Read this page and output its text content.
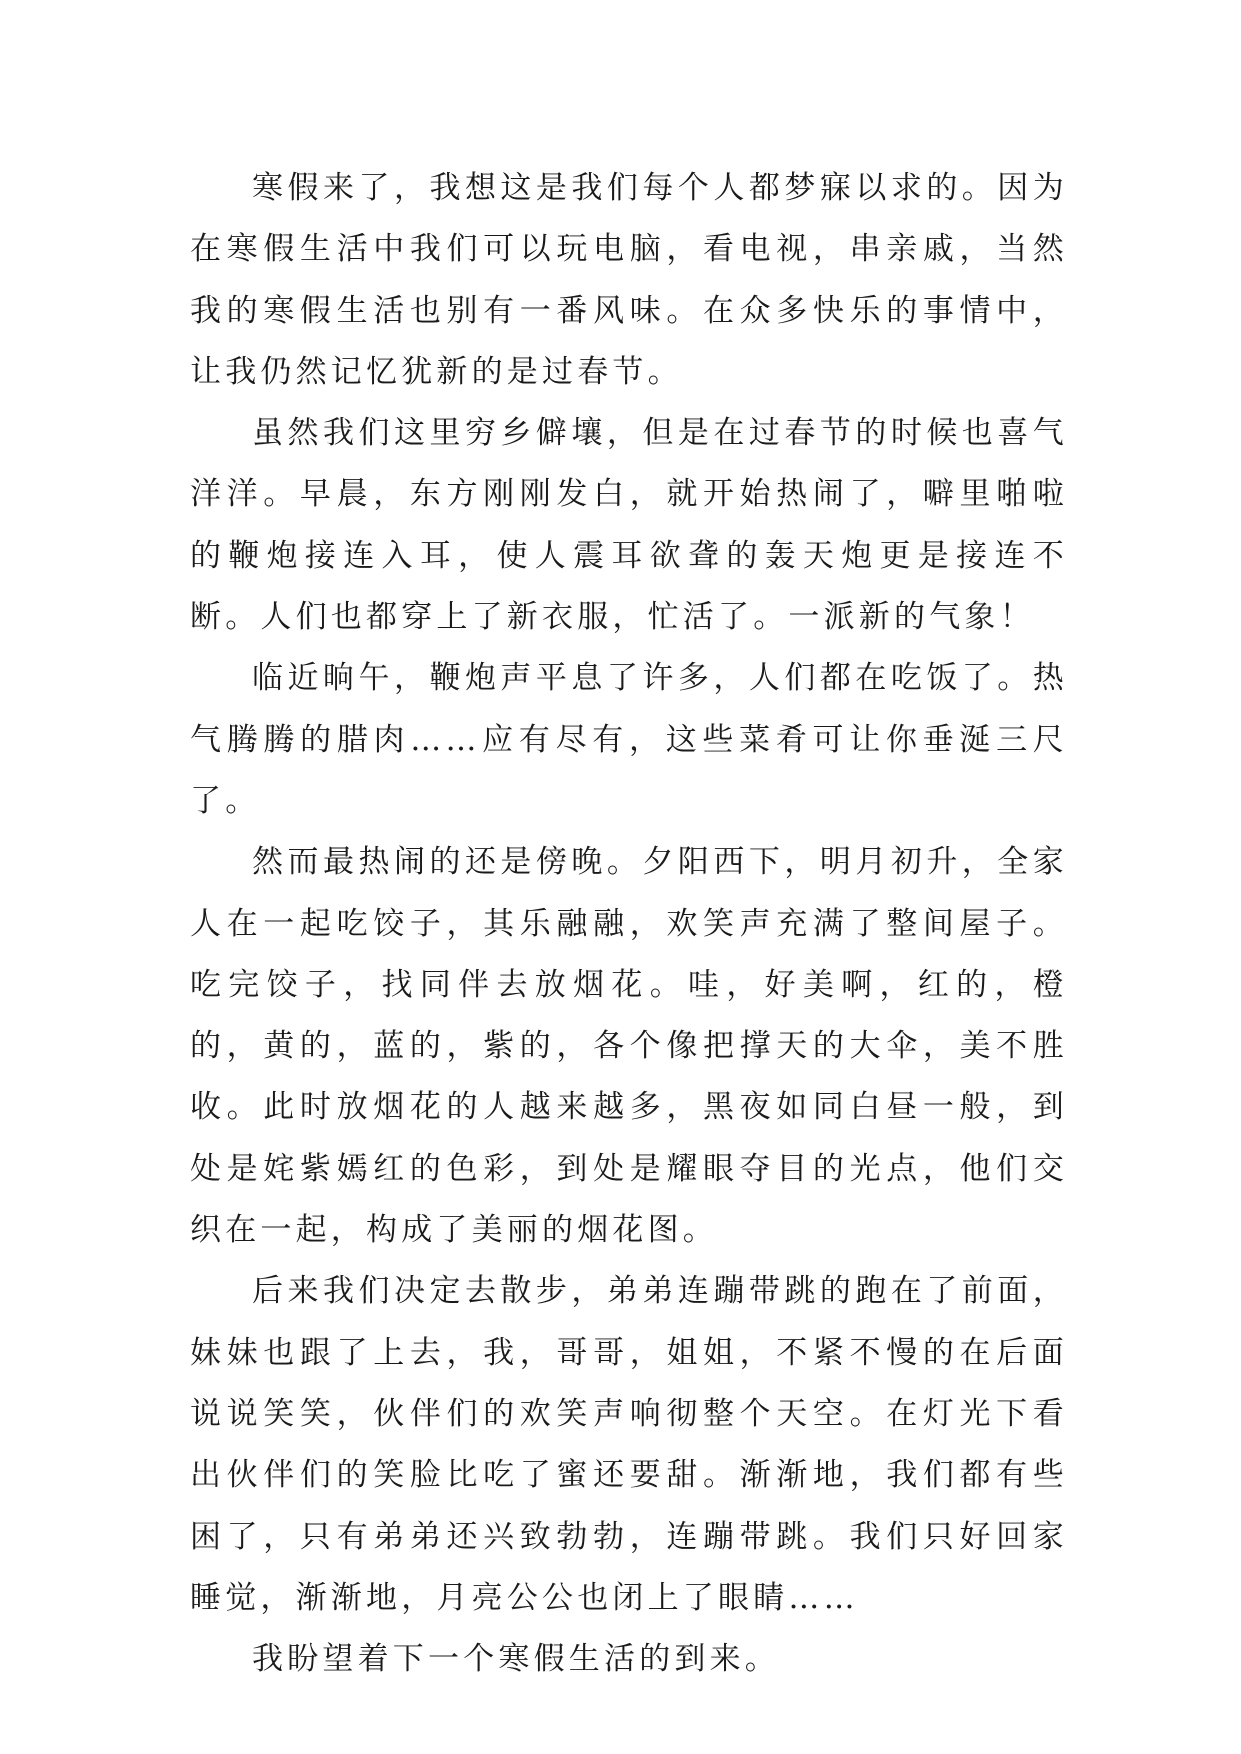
寒假来了，我想这是我们每个人都梦寐以求的。因为在寒假生活中我们可以玩电脑，看电视，串亲戚，当然我的寒假生活也别有一番风味。在众多快乐的事情中，让我仍然记忆犹新的是过春节。

虽然我们这里穷乡僻壤，但是在过春节的时候也喜气洋洋。早晨，东方刚刚发白，就开始热闹了，噼里啪啦的鞭炮接连入耳，使人震耳欲聋的轰天炮更是接连不断。人们也都穿上了新衣服，忙活了。一派新的气象！

临近晌午，鞭炮声平息了许多，人们都在吃饭了。热气腾腾的腊肉……应有尽有，这些菜肴可让你垂涎三尺了。

然而最热闹的还是傍晚。夕阳西下，明月初升，全家人在一起吃饺子，其乐融融，欢笑声充满了整间屋子。吃完饺子，找同伴去放烟花。哇，好美啊，红的，橙的，黄的，蓝的，紫的，各个像把撑天的大伞，美不胜收。此时放烟花的人越来越多，黑夜如同白昼一般，到处是姹紫嫣红的色彩，到处是耀眼夺目的光点，他们交织在一起，构成了美丽的烟花图。

后来我们决定去散步，弟弟连蹦带跳的跑在了前面，妹妹也跟了上去，我，哥哥，姐姐，不紧不慢的在后面说说笑笑，伙伴们的欢笑声响彻整个天空。在灯光下看出伙伴们的笑脸比吃了蜜还要甜。渐渐地，我们都有些困了，只有弟弟还兴致勃勃，连蹦带跳。我们只好回家睡觉，渐渐地，月亮公公也闭上了眼睛……

我盼望着下一个寒假生活的到来。
